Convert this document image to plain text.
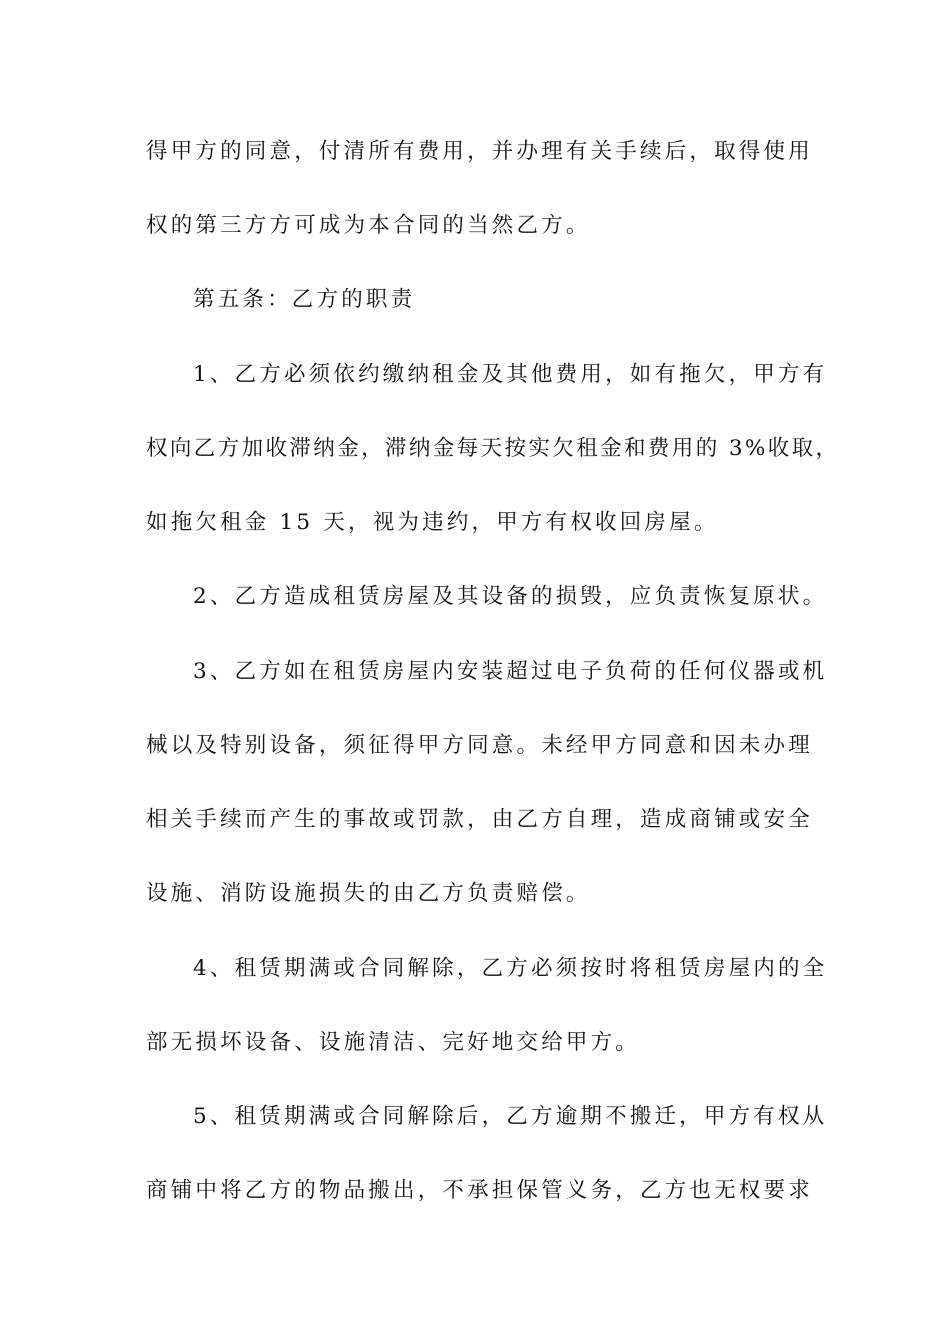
得甲方的同意，付清所有费用，并办理有关手续后，取得使用
权的第三方方可成为本合同的当然乙方。
第五条：乙方的职责
1、乙方必须依约缴纳租金及其他费用，如有拖欠，甲方有
权向乙方加收滞纳金，滞纳金每天按实欠租金和费用的 3%收取，
如拖欠租金 15 天，视为违约，甲方有权收回房屋。
2、乙方造成租赁房屋及其设备的损毁，应负责恢复原状。
3、乙方如在租赁房屋内安装超过电子负荷的任何仪器或机
械以及特别设备，须征得甲方同意。未经甲方同意和因未办理
相关手续而产生的事故或罚款，由乙方自理，造成商铺或安全
设施、消防设施损失的由乙方负责赔偿。
4、租赁期满或合同解除，乙方必须按时将租赁房屋内的全
部无损坏设备、设施清洁、完好地交给甲方。
5、租赁期满或合同解除后，乙方逾期不搬迁，甲方有权从
商铺中将乙方的物品搬出，不承担保管义务，乙方也无权要求
